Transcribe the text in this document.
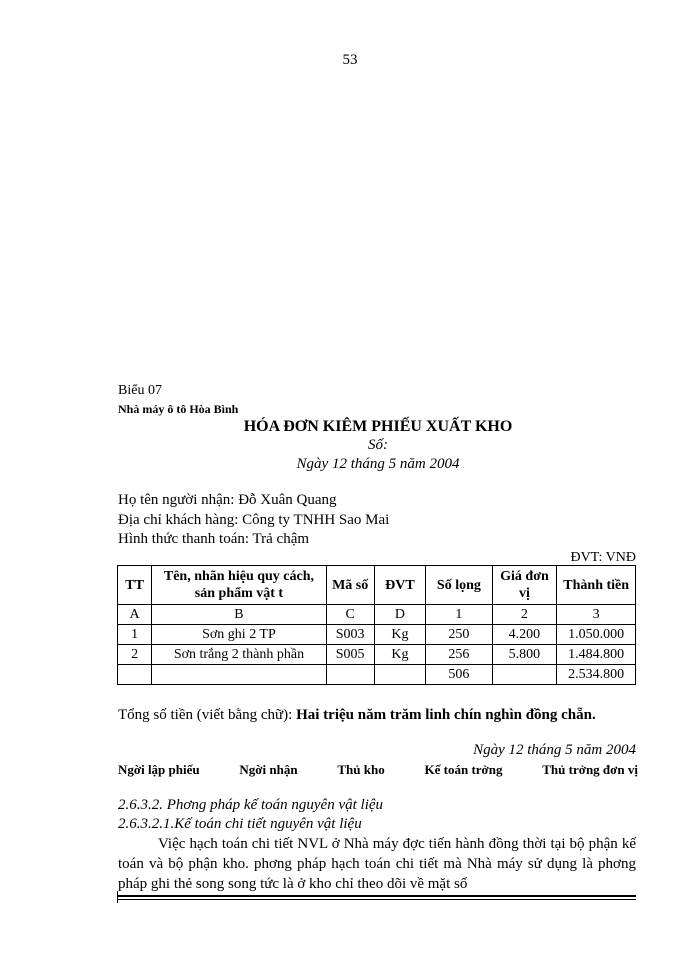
53
Biểu 07
Nhà máy ô tô Hòa Bình
HÓA ĐƠN KIÊM PHIẾU XUẤT KHO
Số:
Ngày 12 tháng 5 năm 2004
Họ tên người nhận: Đỗ Xuân Quang
Địa chỉ khách hàng: Công ty TNHH Sao Mai
Hình thức thanh toán: Trả chậm
ĐVT: VNĐ
TT	Tên, nhãn hiệu quy cách, sản phẩm vật t	Mã số	ĐVT	Số lọng	Giá đơn vị	Thành tiền
A	B	C	D	1	2	3
1	Sơn ghi 2 TP	S003	Kg	250	4.200	1.050.000
2	Sơn trắng 2 thành phần	S005	Kg	256	5.800	1.484.800
				506		2.534.800
Tổng số tiền (viết bằng chữ): Hai triệu năm trăm linh chín nghìn đồng chẵn.
Ngày 12 tháng 5 năm 2004
Ngời lập phiếu	Ngời nhận	Thủ kho	Kế toán trởng	Thủ trởng đơn vị
2.6.3.2. Phơng pháp kế toán nguyên vật liệu
2.6.3.2.1.Kế toán chi tiết nguyên vật liệu
Việc hạch toán chi tiết NVL ở Nhà máy đợc tiến hành đồng thời tại bộ phận kế toán và bộ phận kho. phơng pháp hạch toán chi tiết mà Nhà máy sử dụng là phơng pháp ghi thẻ song song tức là ở kho chỉ theo dõi về mặt số
